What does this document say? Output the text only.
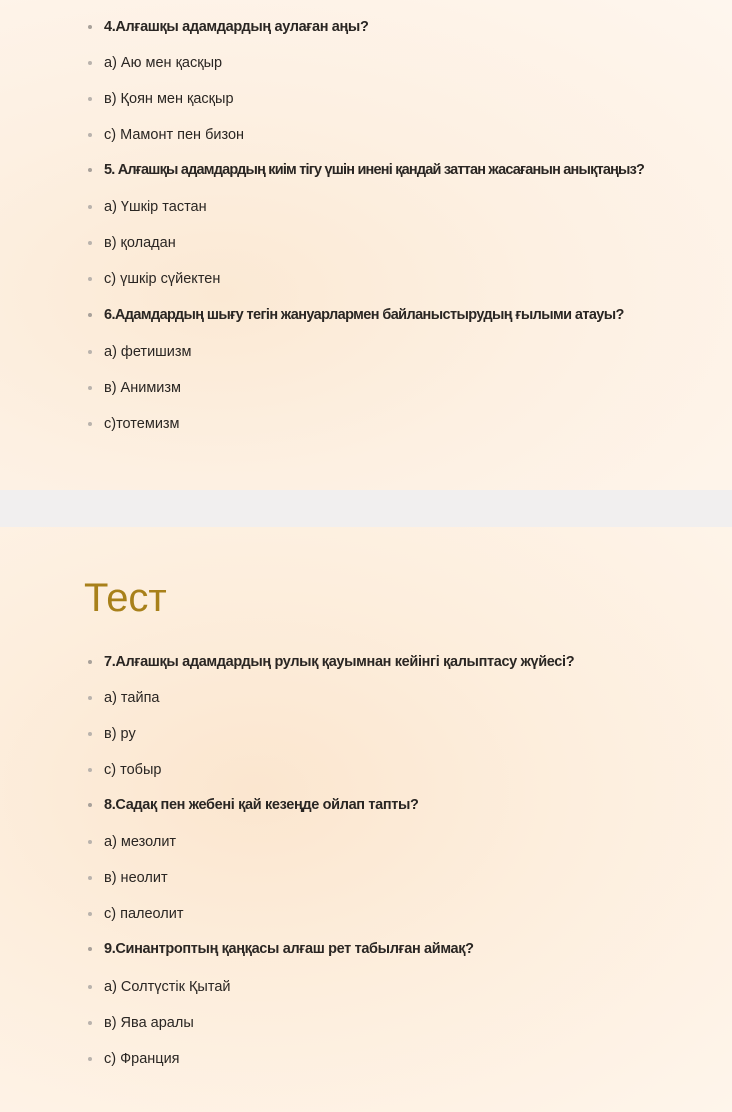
4.Алғашқы адамдардың аулаған аңы?
а) Аю мен қасқыр
в) Қоян мен қасқыр
с) Мамонт пен бизон
5. Алғашқы адамдардың киім тігу үшін инені қандай заттан жасағанын анықтаңыз?
а) Үшкір тастан
в) қоладан
с) үшкір сүйектен
6.Адамдардың шығу тегін жануарлармен байланыстырудың ғылыми атауы?
а) фетишизм
в) Анимизм
с)тотемизм
Тест
7.Алғашқы адамдардың рулық қауымнан кейінгі қалыптасу жүйесі?
а) тайпа
в) ру
с) тобыр
8.Садақ пен жебені қай кезеңде ойлап тапты?
а) мезолит
в) неолит
с) палеолит
9.Синантроптың қаңқасы алғаш рет табылған аймақ?
а) Солтүстік Қытай
в) Ява аралы
с) Франция
